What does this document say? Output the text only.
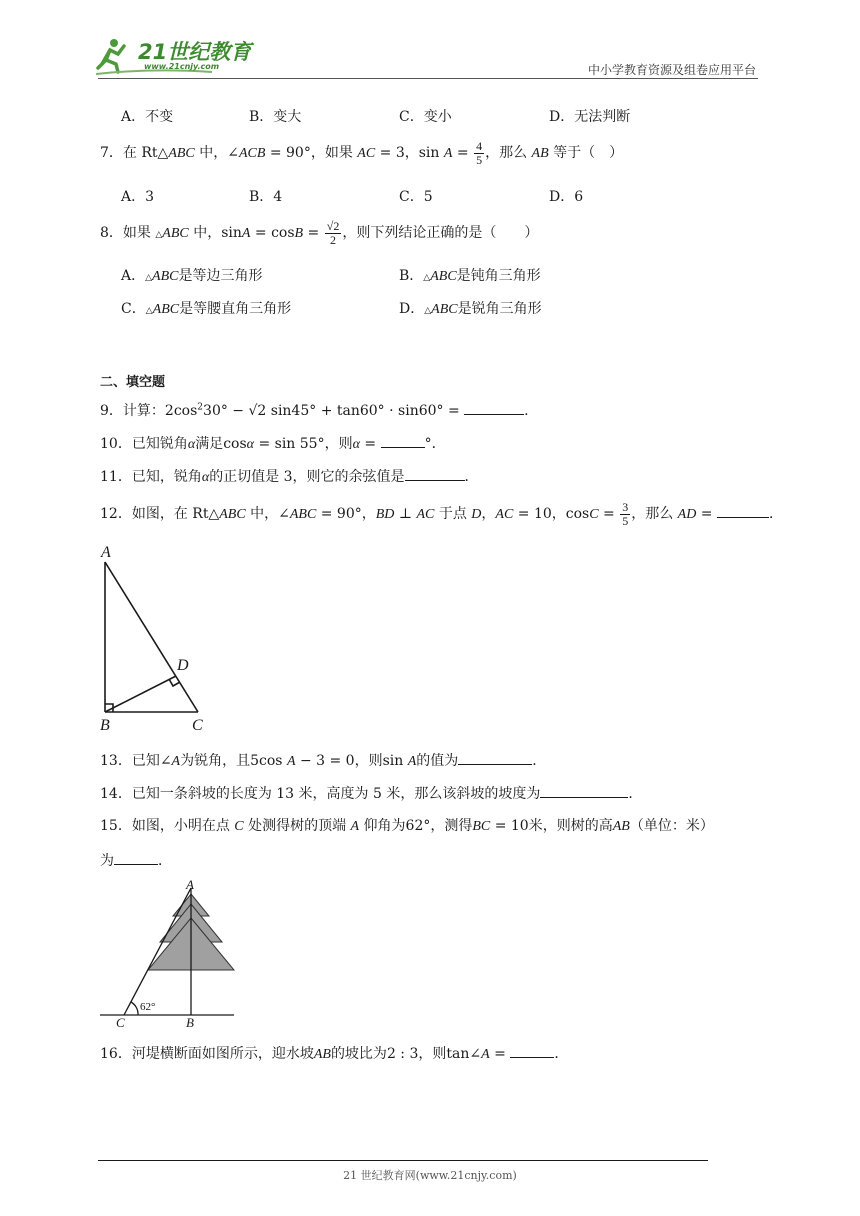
21世纪教育
www.21cnjy.com	中小学教育资源及组卷应用平台
A．不变	B．变大	C．变小	D．无法判断
7．在 Rt△ABC 中，∠ACB = 90°，如果 AC = 3，$\sin A = \frac{4}{5}$ ，那么 AB 等于（　）
A．3	B．4	C．5	D．6
8．如果 △ABC 中，$\sin A = \cos B = \frac{√2}{2}$ ，则下列结论正确的是（　　）
A．△ABC是等边三角形	B．△ABC是钝角三角形
C．△ABC是等腰直角三角形	D．△ABC是锐角三角形
二、填空题
9．计算：$2\cos^230^\circ - √2$ sin45° + tan60° · sin60° =	.
10．已知锐角α满足cosα = sin 55°，则α =	°．
11．已知，锐角α的正切值是 3，则它的余弦值是	．
12．如图，在 Rt△ABC 中，∠ABC = 90°，BD ⊥ AC 于点 D，AC = 10，$\cos C = \frac{3}{5}$ ，那么 AD =	．
A
D
B	C
13．已知∠A为锐角，且5cos A − 3 = 0，则sin A的值为	．
14．已知一条斜坡的长度为 13 米，高度为 5 米，那么该斜坡的坡度为	．
15．如图，小明在点 C 处测得树的顶端 A 仰角为62°，测得BC = 10米，则树的高AB（单位：米）
为	．
A
62°
C	B
16．河堤横断面如图所示，迎水坡AB的坡比为2 : 3，则tan∠A =	．
21 世纪教育网(www.21cnjy.com)
